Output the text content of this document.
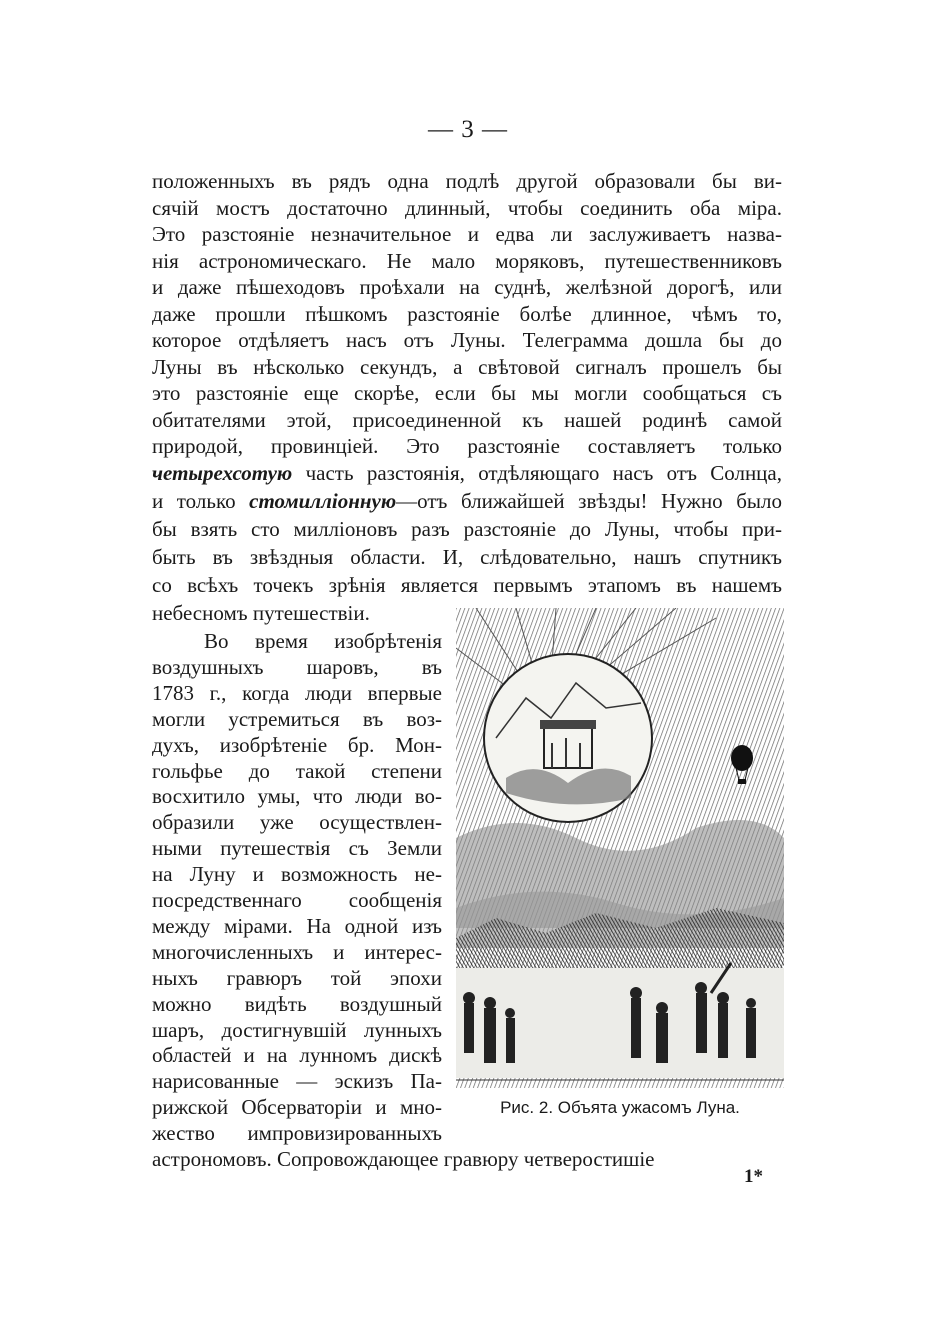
— 3 —
положенныхъ въ рядъ одна подлѣ другой образовали бы ви-
сячій мостъ достаточно длинный, чтобы соединить оба міра.
Это разстояніе незначительное и едва ли заслуживаетъ назва-
нія астрономическаго. Не мало моряковъ, путешественниковъ
и даже пѣшеходовъ проѣхали на суднѣ, желѣзной дорогѣ, или
даже прошли пѣшкомъ разстояніе болѣе длинное, чѣмъ то,
которое отдѣляетъ насъ отъ Луны. Телеграмма дошла бы до
Луны въ нѣсколько секундъ, а свѣтовой сигналъ прошелъ бы
это разстояніе еще скорѣе, если бы мы могли сообщаться съ
обитателями этой, присоединенной къ нашей родинѣ самой
природой, провинціей. Это разстояніе составляетъ только
четырехсотую часть разстоянія, отдѣляющаго насъ отъ Солнца,
и только стомилліонную—отъ ближайшей звѣзды! Нужно было
бы взять сто милліоновъ разъ разстояніе до Луны, чтобы при-
быть въ звѣздныя области. И, слѣдовательно, нашъ спутникъ
со всѣхъ точекъ зрѣнія является первымъ этапомъ въ нашемъ
небесномъ путешествіи.
Во время изобрѣтенія
воздушныхъ шаровъ, въ
1783 г., когда люди впервые
могли устремиться въ воз-
духъ, изобрѣтеніе бр. Мон-
гольфье до такой степени
восхитило умы, что люди во-
образили уже осуществлен-
ными путешествія съ Земли
на Луну и возможность не-
посредственнаго сообщенія
между мірами. На одной изъ
многочисленныхъ и интерес-
ныхъ гравюръ той эпохи
можно видѣть воздушный
шаръ, достигнувшій лунныхъ
областей и на лунномъ дискѣ
нарисованные — эскизъ Па-
рижской Обсерваторіи и мно-
жество импровизированныхъ
астрономовъ. Сопровождающее гравюру четверостишіе
Рис. 2. Объята ужасомъ Луна.
1*
